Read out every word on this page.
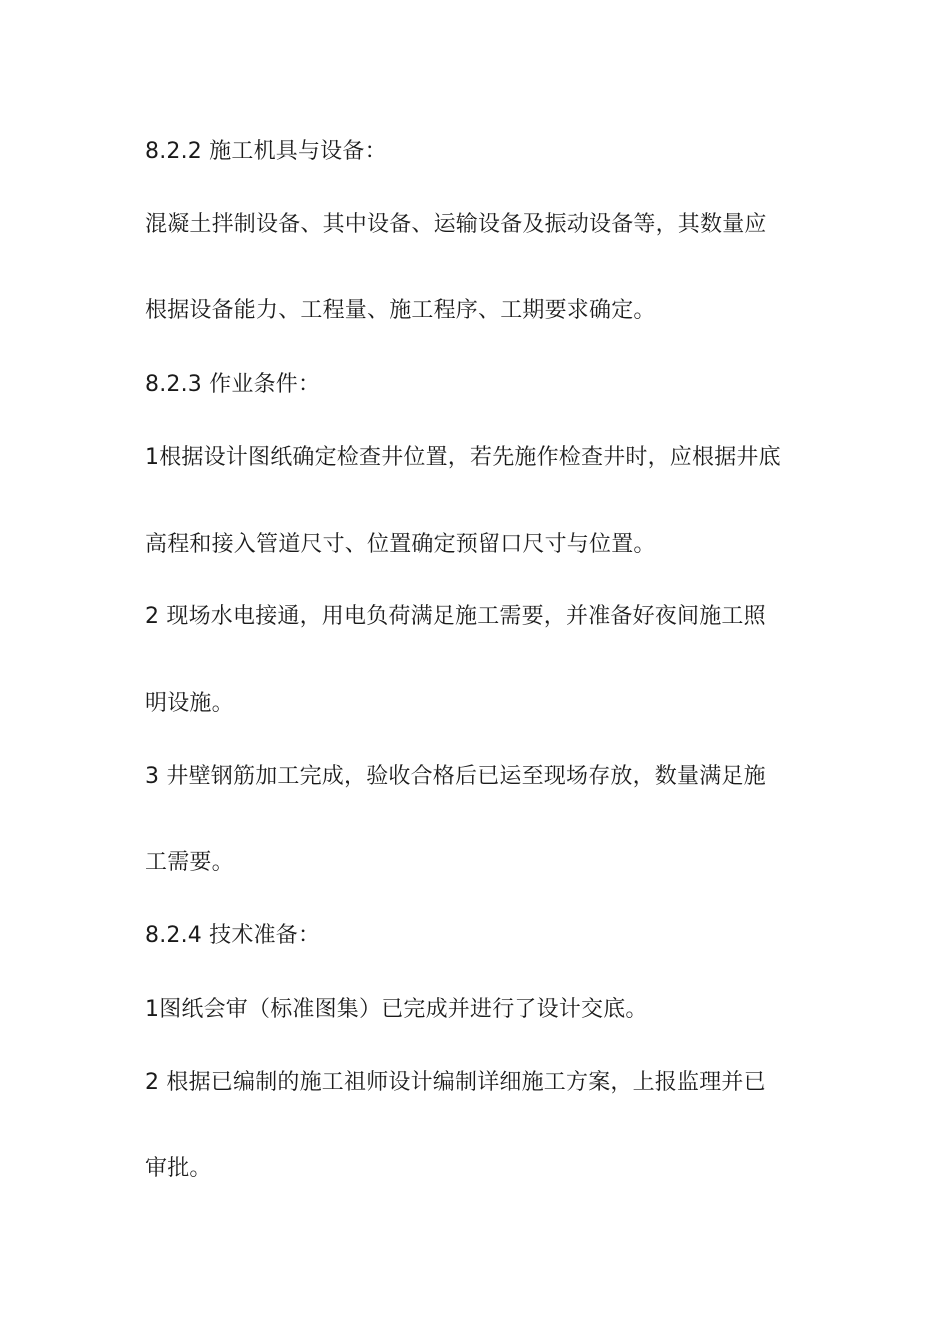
8.2.2 施工机具与设备：
混凝土拌制设备、其中设备、运输设备及振动设备等，其数量应
根据设备能力、工程量、施工程序、工期要求确定。
8.2.3 作业条件：
1根据设计图纸确定检查井位置，若先施作检查井时，应根据井底
高程和接入管道尺寸、位置确定预留口尺寸与位置。
2 现场水电接通，用电负荷满足施工需要，并准备好夜间施工照
明设施。
3 井壁钢筋加工完成，验收合格后已运至现场存放，数量满足施
工需要。
8.2.4 技术准备：
1图纸会审（标准图集）已完成并进行了设计交底。
2 根据已编制的施工祖师设计编制详细施工方案，上报监理并已
审批。
